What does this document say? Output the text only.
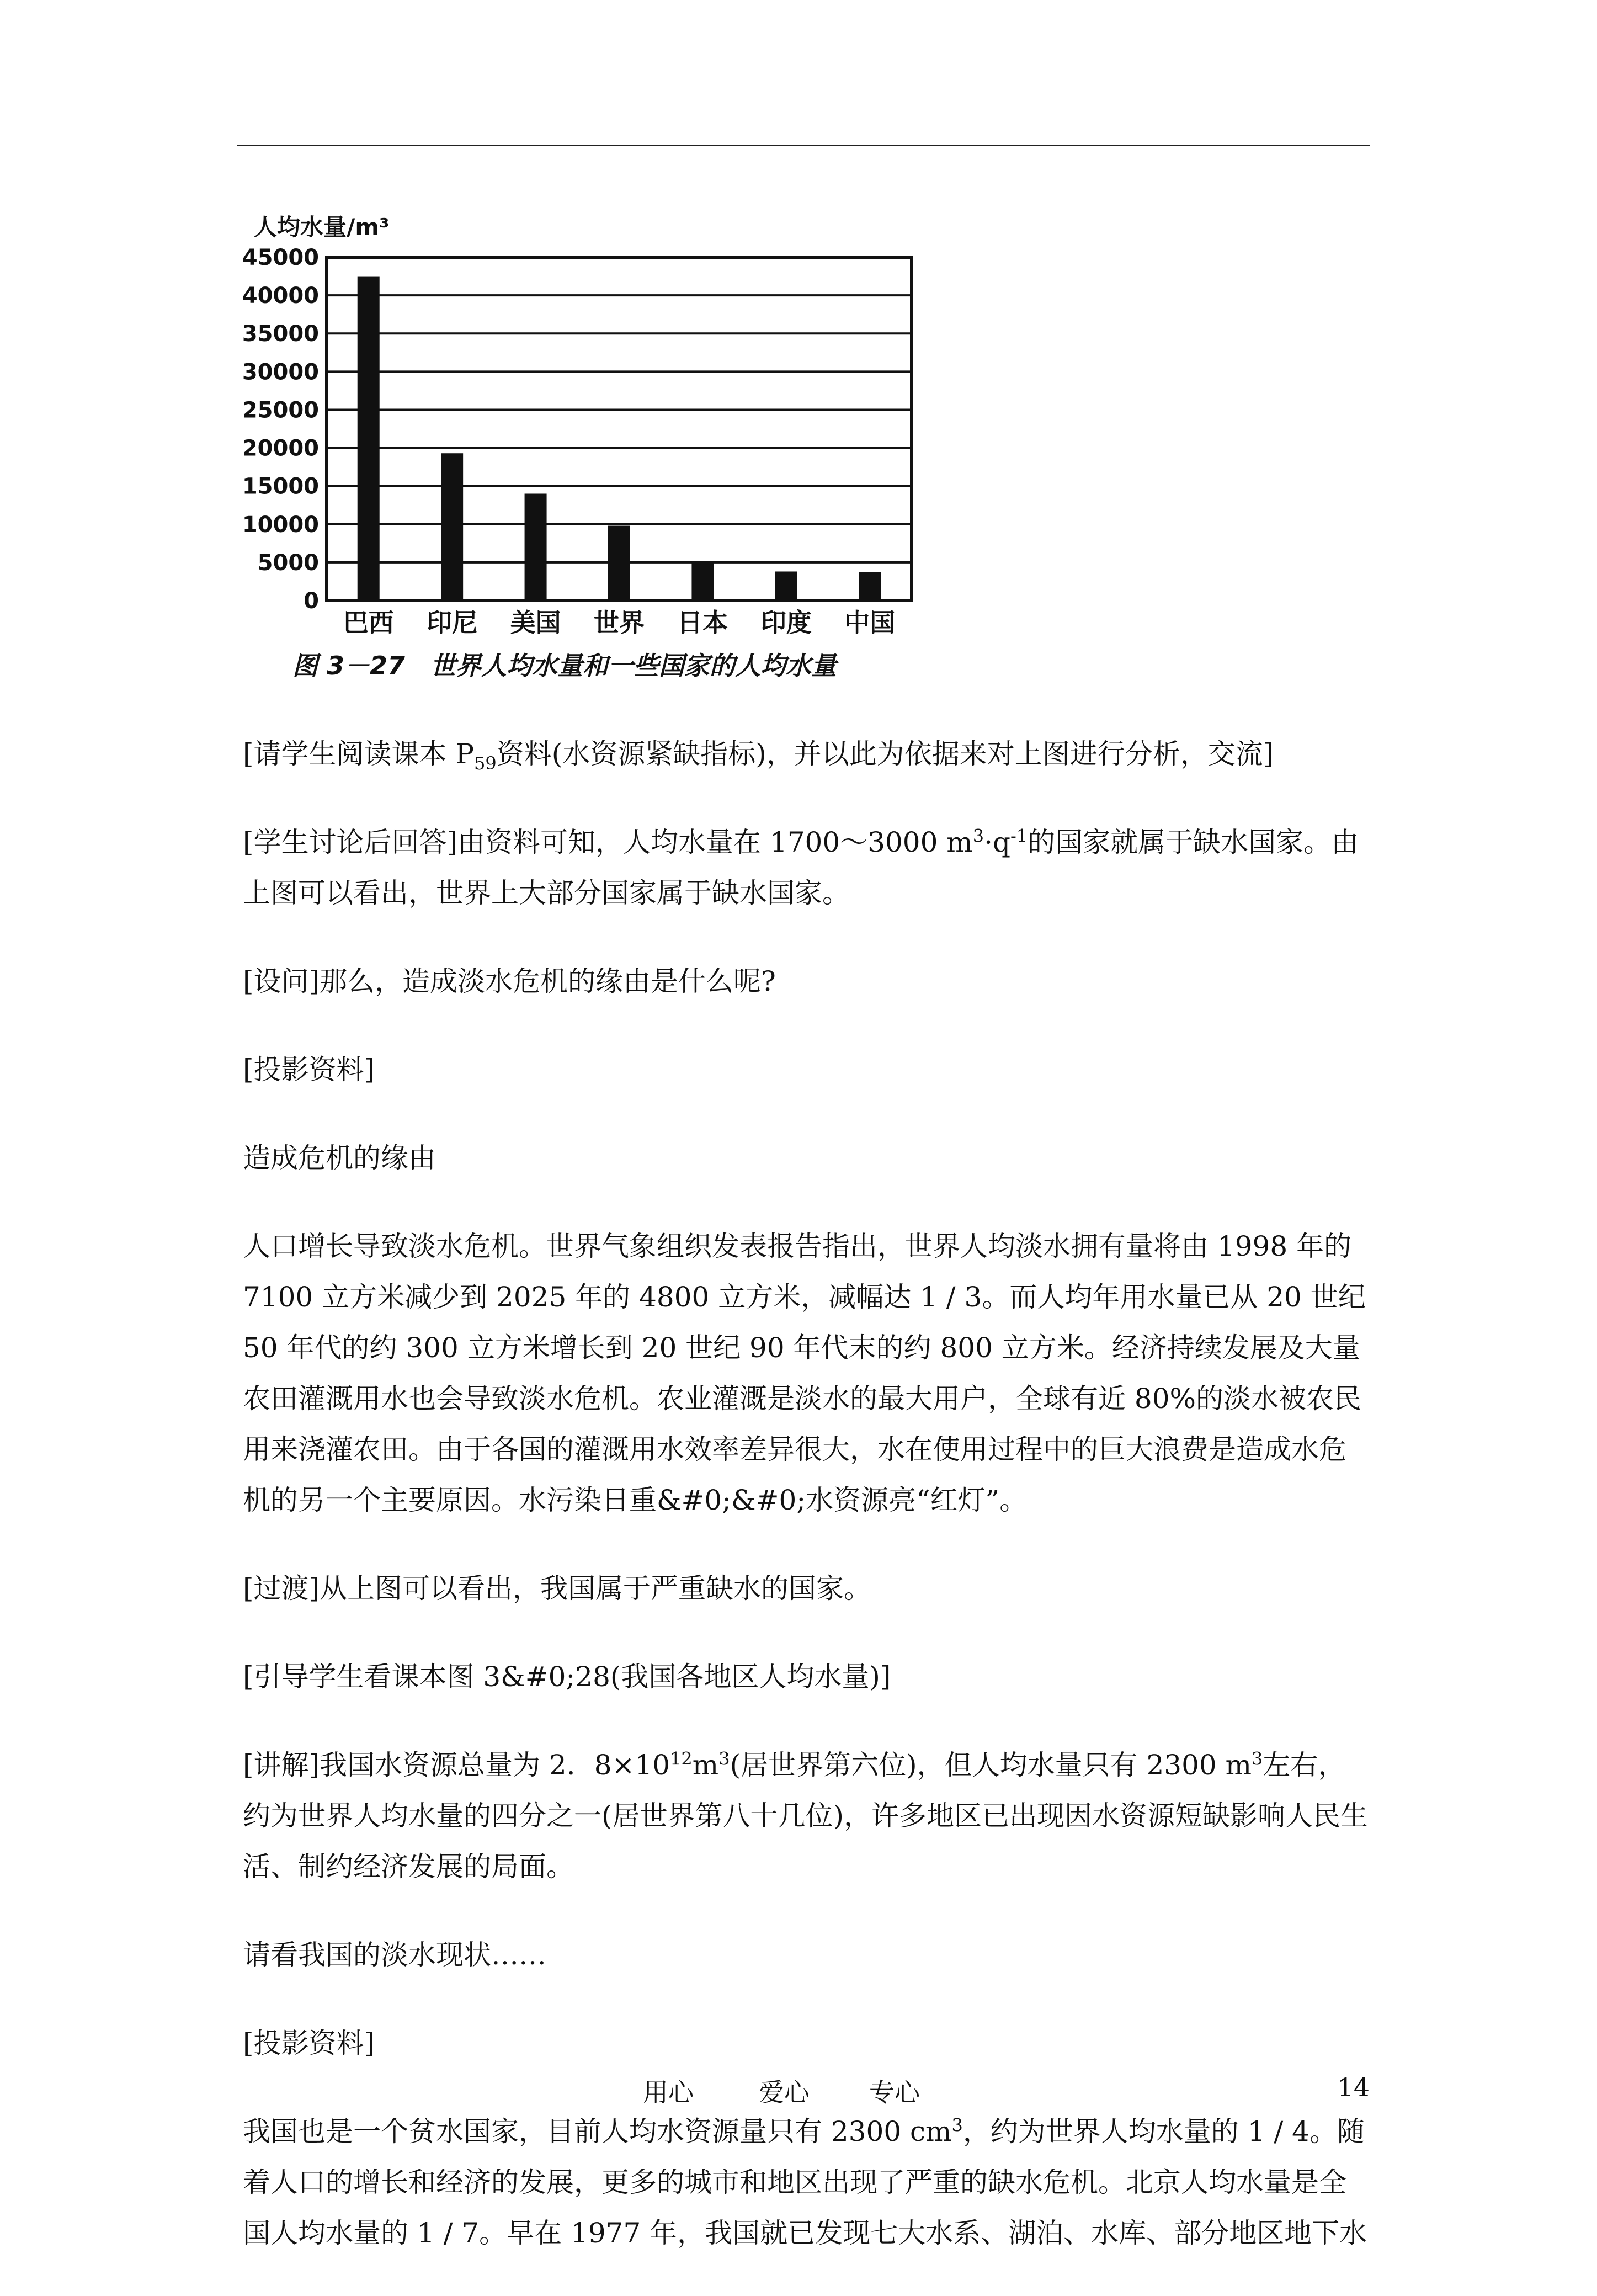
人均水量/m³
45000
40000
35000
30000
25000
20000
15000
10000
5000
0
巴西 印尼 美国 世界 日本 印度 中国
图 3－27　世界人均水量和一些国家的人均水量

[请学生阅读课本 $P_{59}$资料(水资源紧缺指标)，并以此为依据来对上图进行分析，交流]

[学生讨论后回答]由资料可知，人均水量在 1700～3000 $m^3\cdot q^{-1}$的国家就属于缺水国家。由上图可以看出，世界上大部分国家属于缺水国家。

[设问]那么，造成淡水危机的缘由是什么呢?

[投影资料]

造成危机的缘由

人口增长导致淡水危机。世界气象组织发表报告指出，世界人均淡水拥有量将由 1998 年的 7100 立方米减少到 2025 年的 4800 立方米，减幅达 1 / 3。而人均年用水量已从 20 世纪 50 年代的约 300 立方米增长到 20 世纪 90 年代末的约 800 立方米。经济持续发展及大量农田灌溉用水也会导致淡水危机。农业灌溉是淡水的最大用户，全球有近 80%的淡水被农民用来浇灌农田。由于各国的灌溉用水效率差异很大，水在使用过程中的巨大浪费是造成水危机的另一个主要原因。水污染日重&#0;&#0;水资源亮“红灯”。

[过渡]从上图可以看出，我国属于严重缺水的国家。

[引导学生看课本图 3&#0;28(我国各地区人均水量)]

[讲解]我国水资源总量为 2．$8\times 10^{12}m^3$(居世界第六位)，但人均水量只有 2300 $m^3$左右，约为世界人均水量的四分之一(居世界第八十几位)，许多地区已出现因水资源短缺影响人民生活、制约经济发展的局面。

请看我国的淡水现状……

[投影资料]

我国也是一个贫水国家，目前人均水资源量只有 2300 $cm^3$，约为世界人均水量的 1 / 4。随着人口的增长和经济的发展，更多的城市和地区出现了严重的缺水危机。北京人均水量是全国人均水量的 1 / 7。早在 1977 年，我国就已发现七大水系、湖泊、水库、部分地区地下水

用心	爱心 专心	14
